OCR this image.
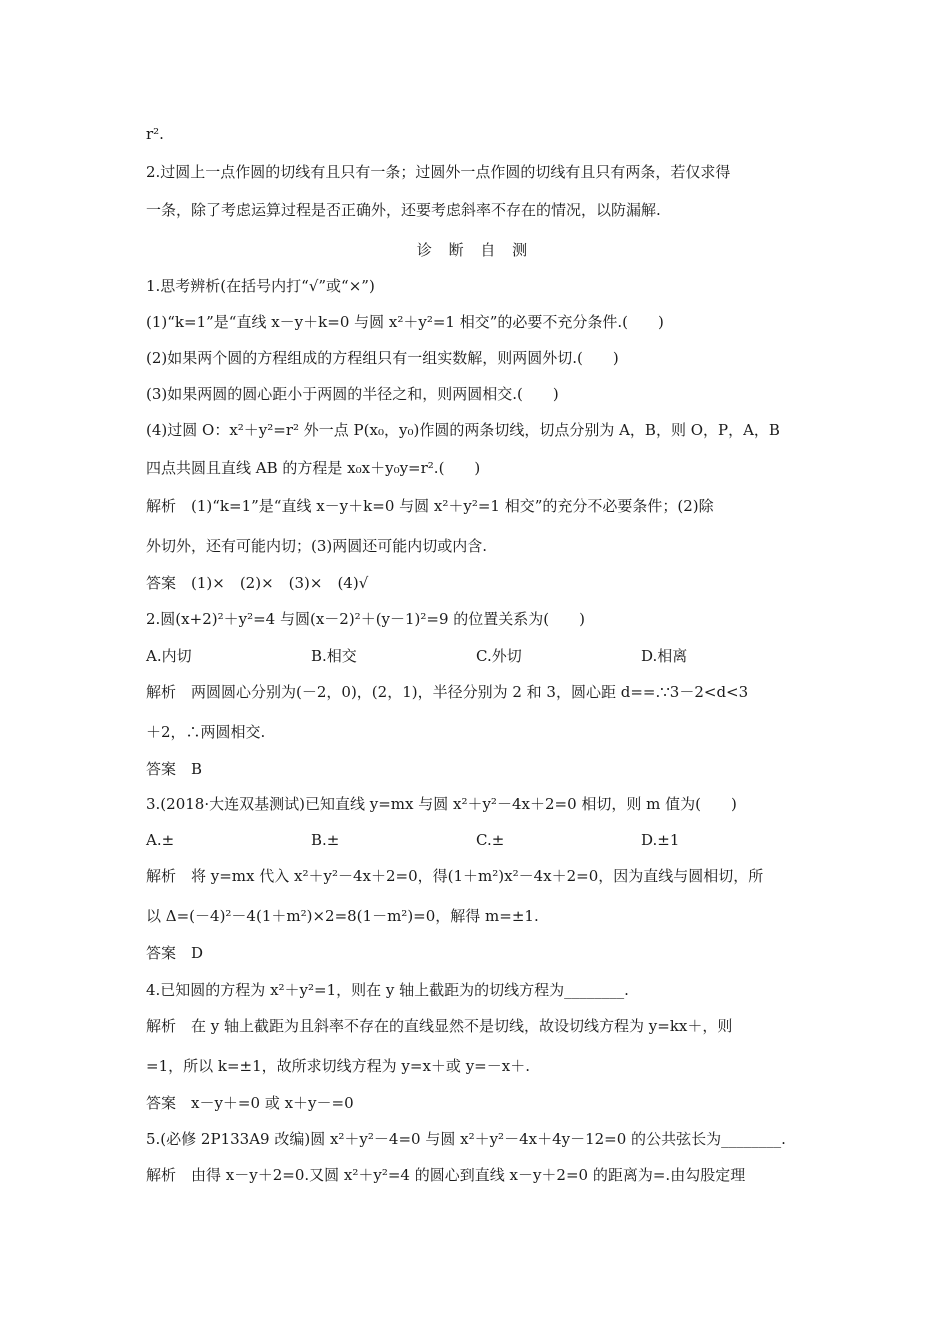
r².
2.过圆上一点作圆的切线有且只有一条；过圆外一点作圆的切线有且只有两条，若仅求得
一条，除了考虑运算过程是否正确外，还要考虑斜率不存在的情况，以防漏解.
诊 断 自 测
1.思考辨析(在括号内打“√”或“×”)
(1)“k=1”是“直线 x－y＋k=0 与圆 x²＋y²=1 相交”的必要不充分条件.(　　)
(2)如果两个圆的方程组成的方程组只有一组实数解，则两圆外切.(　　)
(3)如果两圆的圆心距小于两圆的半径之和，则两圆相交.(　　)
(4)过圆 O：x²＋y²=r² 外一点 P(x₀，y₀)作圆的两条切线，切点分别为 A，B，则 O，P，A，B
四点共圆且直线 AB 的方程是 x₀x＋y₀y=r².(　　)
解析　(1)“k=1”是“直线 x－y＋k=0 与圆 x²＋y²=1 相交”的充分不必要条件；(2)除
外切外，还有可能内切；(3)两圆还可能内切或内含.
答案　(1)×　(2)×　(3)×　(4)√
2.圆(x+2)²＋y²=4 与圆(x－2)²＋(y－1)²=9 的位置关系为(　　)
A.内切	B.相交	C.外切	D.相离
解析　两圆圆心分别为(－2，0)，(2，1)，半径分别为 2 和 3，圆心距 d==.∵3－2<d<3
＋2，∴两圆相交.
答案　B
3.(2018·大连双基测试)已知直线 y=mx 与圆 x²＋y²－4x＋2=0 相切，则 m 值为(　　)
A.±	B.±	C.±	D.±1
解析　将 y=mx 代入 x²＋y²－4x＋2=0，得(1＋m²)x²－4x＋2=0，因为直线与圆相切，所
以 Δ=(－4)²－4(1＋m²)×2=8(1－m²)=0，解得 m=±1.
答案　D
4.已知圆的方程为 x²＋y²=1，则在 y 轴上截距为的切线方程为________.
解析　在 y 轴上截距为且斜率不存在的直线显然不是切线，故设切线方程为 y=kx＋，则
=1，所以 k=±1，故所求切线方程为 y=x＋或 y=－x＋.
答案　x－y＋=0 或 x＋y－=0
5.(必修 2P133A9 改编)圆 x²＋y²－4=0 与圆 x²＋y²－4x＋4y－12=0 的公共弦长为________.
解析　由得 x－y＋2=0.又圆 x²＋y²=4 的圆心到直线 x－y＋2=0 的距离为=.由勾股定理
